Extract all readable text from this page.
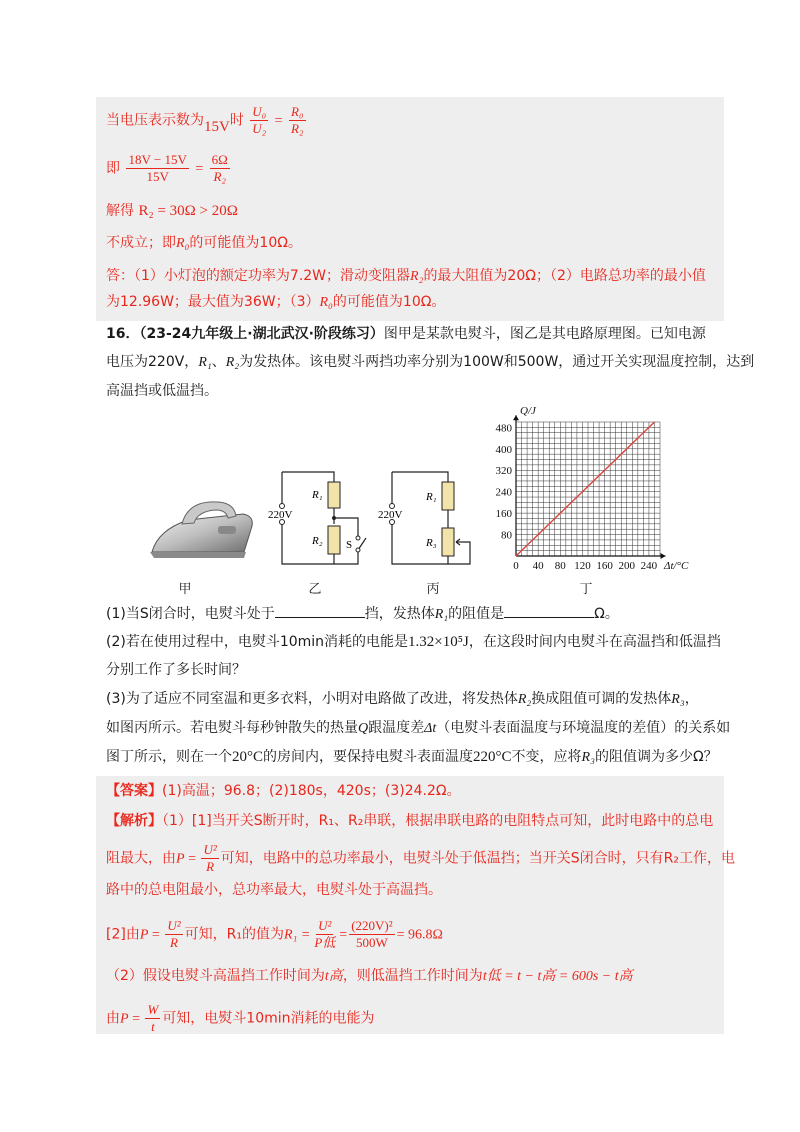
当电压表示数为15V时 $\frac{\text{U₀}}{\text{U₂}} = \frac{\text{R₀}}{\text{R₂}}$
即 $\frac{18V - 15V}{15V} = \frac{6\Omega}{\text{R₂}}$
解得 R₂ = 30Ω > 20Ω
不成立；即R₀的可能值为10Ω。
答：（1）小灯泡的额定功率为7.2W；滑动变阻器R₂的最大阻值为20Ω；（2）电路总功率的最小值
为12.96W；最大值为36W；（3）R₀的可能值为10Ω。
16．（23-24九年级上·湖北武汉·阶段练习）图甲是某款电熨斗，图乙是其电路原理图。已知电源
电压为220V，R₁、R₂为发热体。该电熨斗两挡功率分别为100W和500W，通过开关实现温度控制，达到
高温挡或低温挡。
甲
220V
R₁
R₂ S
乙
220V
R₁
R₃
丙
0 40 80 120 160 200 240
80
160
240
320
400
480
Δt/°C
Q/J
丁
(1)当S闭合时，电熨斗处于	挡，发热体R₁的阻值是	Ω。
(2)若在使用过程中，电熨斗10min消耗的电能是1.32×10⁵J，在这段时间内电熨斗在高温挡和低温挡
分别工作了多长时间？
(3)为了适应不同室温和更多衣料，小明对电路做了改进，将发热体R₂换成阻值可调的发热体R₃，
如图丙所示。若电熨斗每秒钟散失的热量Q跟温度差Δt（电熨斗表面温度与环境温度的差值）的关系如
图丁所示，则在一个20°C的房间内，要保持电熨斗表面温度220°C不变，应将R₃的阻值调为多少Ω？
【答案】(1)高温；96.8；(2)180s，420s；(3)24.2Ω。
【解析】（1）[1]当开关S断开时，R₁、R₂串联，根据串联电路的电阻特点可知，此时电路中的总电
阻最大，由$P = \frac{\text{U²}}{R}$ 可知，电路中的总功率最小，电熨斗处于低温挡；当开关S闭合时，只有R₂工作，电
路中的总电阻最小，总功率最大，电熨斗处于高温挡。
[2]由$P = \frac{\text{U²}}{R}$ 可知，R₁的值为$R_1 = \frac{\text{U²}}{\text{P低}} = \frac{\text{(220V)²}}{500W} = 96.8\Omega$
（2）假设电熨斗高温挡工作时间为t高，则低温挡工作时间为t低 = t − t高 = 600s − t高
由$P = \frac{W}{t}$ 可知，电熨斗10min消耗的电能为
